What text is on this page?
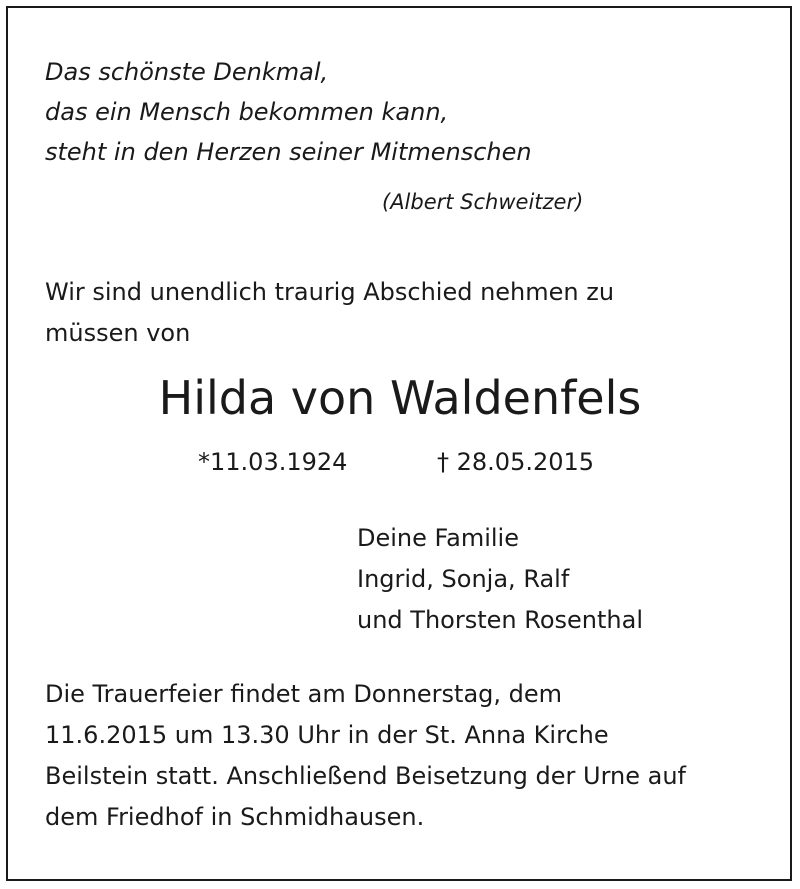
Das schönste Denkmal,
das ein Mensch bekommen kann,
steht in den Herzen seiner Mitmenschen
(Albert Schweitzer)
Wir sind unendlich traurig Abschied nehmen zu
müssen von
Hilda von Waldenfels
*11.03.1924	† 28.05.2015
Deine Familie
Ingrid, Sonja, Ralf
und Thorsten Rosenthal
Die Trauerfeier findet am Donnerstag, dem
11.6.2015 um 13.30 Uhr in der St. Anna Kirche
Beilstein statt. Anschließend Beisetzung der Urne auf
dem Friedhof in Schmidhausen.
